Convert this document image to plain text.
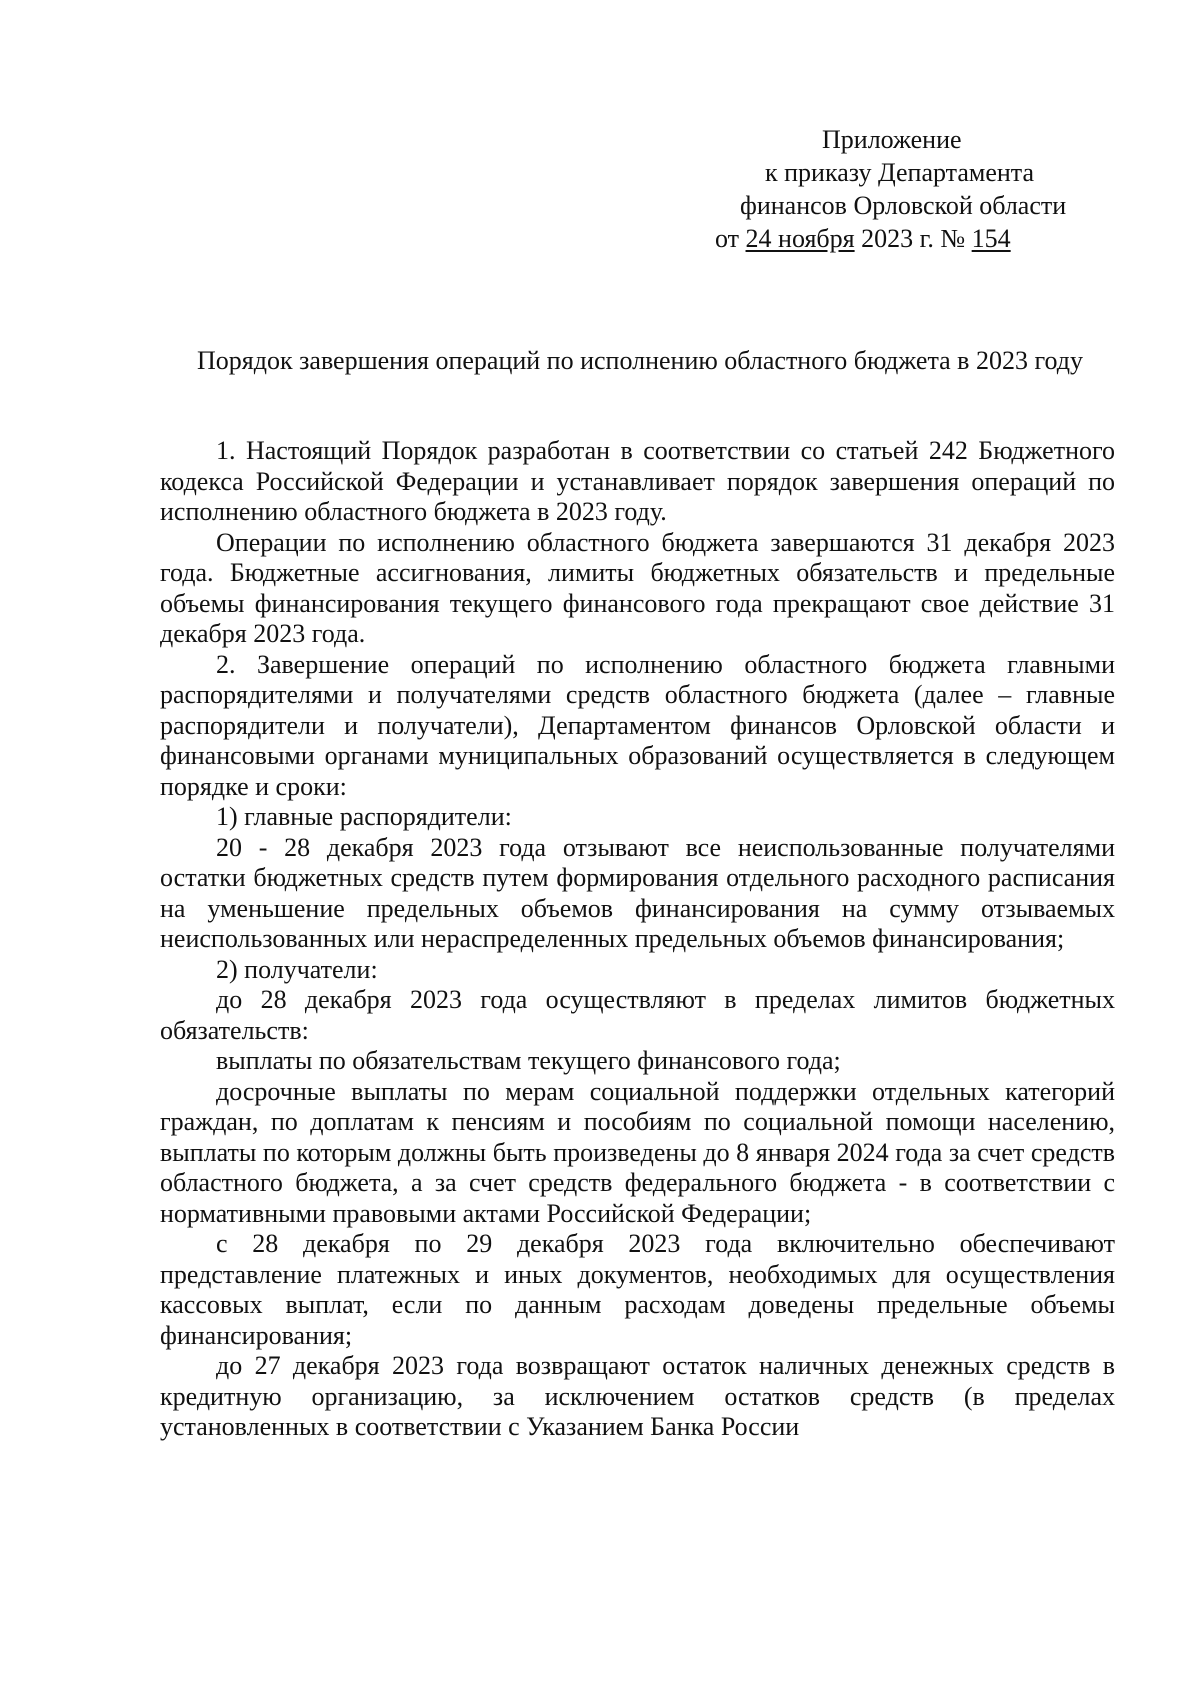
Приложение
к приказу Департамента
финансов Орловской области
от 24 ноября 2023 г. № 154
Порядок завершения операций по исполнению областного бюджета в 2023 году

1. Настоящий Порядок разработан в соответствии со статьей 242 Бюджетного кодекса Российской Федерации и устанавливает порядок завершения операций по исполнению областного бюджета в 2023 году.

Операции по исполнению областного бюджета завершаются 31 декабря 2023 года. Бюджетные ассигнования, лимиты бюджетных обязательств и предельные объемы финансирования текущего финансового года прекращают свое действие 31 декабря 2023 года.

2. Завершение операций по исполнению областного бюджета главными распорядителями и получателями средств областного бюджета (далее – главные распорядители и получатели), Департаментом финансов Орловской области и финансовыми органами муниципальных образований осуществляется в следующем порядке и сроки:

1) главные распорядители:

20 - 28 декабря 2023 года отзывают все неиспользованные получателями остатки бюджетных средств путем формирования отдельного расходного расписания на уменьшение предельных объемов финансирования на сумму отзываемых неиспользованных или нераспределенных предельных объемов финансирования;

2) получатели:

до 28 декабря 2023 года осуществляют в пределах лимитов бюджетных обязательств:

выплаты по обязательствам текущего финансового года;

досрочные выплаты по мерам социальной поддержки отдельных категорий граждан, по доплатам к пенсиям и пособиям по социальной помощи населению, выплаты по которым должны быть произведены до 8 января 2024 года за счет средств областного бюджета, а за счет средств федерального бюджета - в соответствии с нормативными правовыми актами Российской Федерации;

с 28 декабря по 29 декабря 2023 года включительно обеспечивают представление платежных и иных документов, необходимых для осуществления кассовых выплат, если по данным расходам доведены предельные объемы финансирования;

до 27 декабря 2023 года возвращают остаток наличных денежных средств в кредитную организацию, за исключением остатков средств (в пределах установленных в соответствии с Указанием Банка России
